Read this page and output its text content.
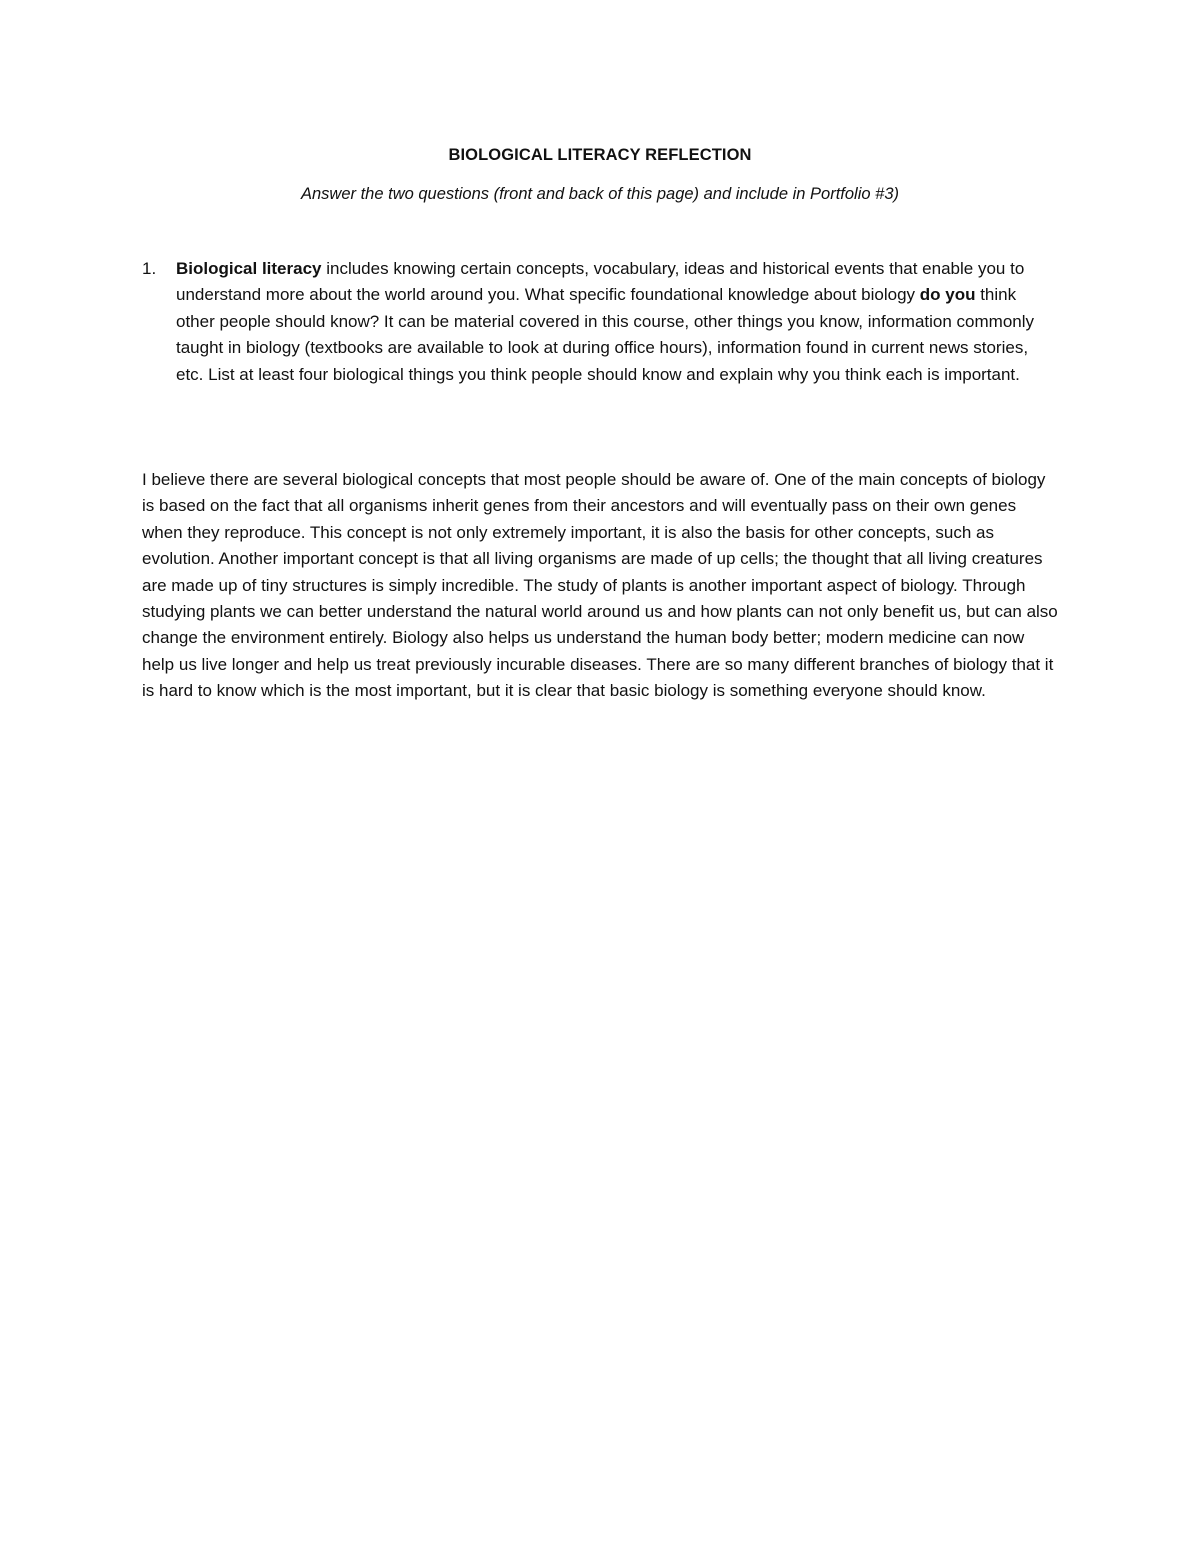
BIOLOGICAL LITERACY REFLECTION
Answer the two questions (front and back of this page) and include in Portfolio #3)
1.	Biological literacy includes knowing certain concepts, vocabulary, ideas and historical events that enable you to understand more about the world around you. What specific foundational knowledge about biology do you think other people should know? It can be material covered in this course, other things you know, information commonly taught in biology (textbooks are available to look at during office hours), information found in current news stories, etc. List at least four biological things you think people should know and explain why you think each is important.
I believe there are several biological concepts that most people should be aware of. One of the main concepts of biology is based on the fact that all organisms inherit genes from their ancestors and will eventually pass on their own genes when they reproduce. This concept is not only extremely important, it is also the basis for other concepts, such as evolution. Another important concept is that all living organisms are made of up cells; the thought that all living creatures are made up of tiny structures is simply incredible. The study of plants is another important aspect of biology. Through studying plants we can better understand the natural world around us and how plants can not only benefit us, but can also change the environment entirely. Biology also helps us understand the human body better; modern medicine can now help us live longer and help us treat previously incurable diseases. There are so many different branches of biology that it is hard to know which is the most important, but it is clear that basic biology is something everyone should know.
